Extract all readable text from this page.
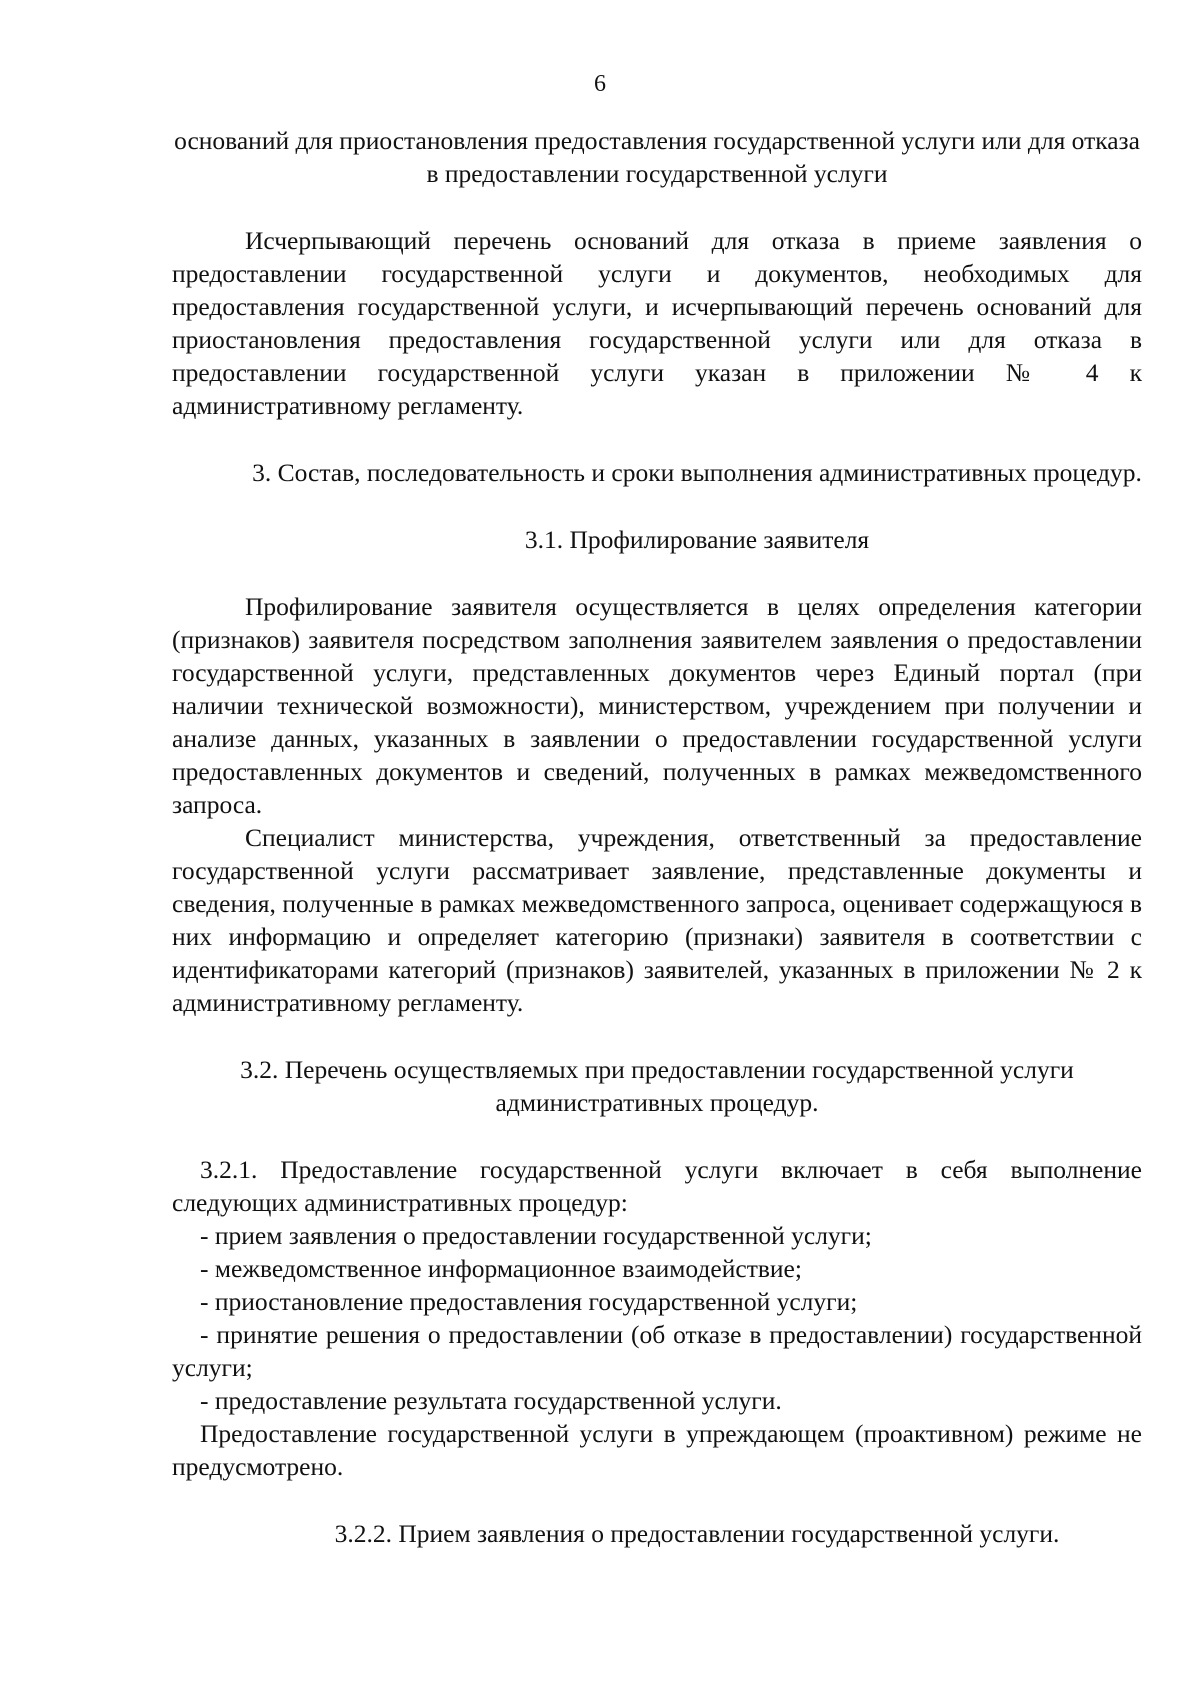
6

оснований для приостановления предоставления государственной услуги или для отказа в предоставлении государственной услуги

Исчерпывающий перечень оснований для отказа в приеме заявления о предоставлении государственной услуги и документов, необходимых для предоставления государственной услуги, и исчерпывающий перечень оснований для приостановления предоставления государственной услуги или для отказа в предоставлении государственной услуги указан в приложении № 4 к административному регламенту.

3. Состав, последовательность и сроки выполнения административных процедур.

3.1. Профилирование заявителя

Профилирование заявителя осуществляется в целях определения категории (признаков) заявителя посредством заполнения заявителем заявления о предоставлении государственной услуги, представленных документов через Единый портал (при наличии технической возможности), министерством, учреждением при получении и анализе данных, указанных в заявлении о предоставлении государственной услуги предоставленных документов и сведений, полученных в рамках межведомственного запроса.

Специалист министерства, учреждения, ответственный за предоставление государственной услуги рассматривает заявление, представленные документы и сведения, полученные в рамках межведомственного запроса, оценивает содержащуюся в них информацию и определяет категорию (признаки) заявителя в соответствии с идентификаторами категорий (признаков) заявителей, указанных в приложении № 2 к административному регламенту.

3.2. Перечень осуществляемых при предоставлении государственной услуги административных процедур.

3.2.1. Предоставление государственной услуги включает в себя выполнение следующих административных процедур:

- прием заявления о предоставлении государственной услуги;

- межведомственное информационное взаимодействие;

- приостановление предоставления государственной услуги;

- принятие решения о предоставлении (об отказе в предоставлении) государственной услуги;

- предоставление результата государственной услуги.

Предоставление государственной услуги в упреждающем (проактивном) режиме не предусмотрено.

3.2.2. Прием заявления о предоставлении государственной услуги.
